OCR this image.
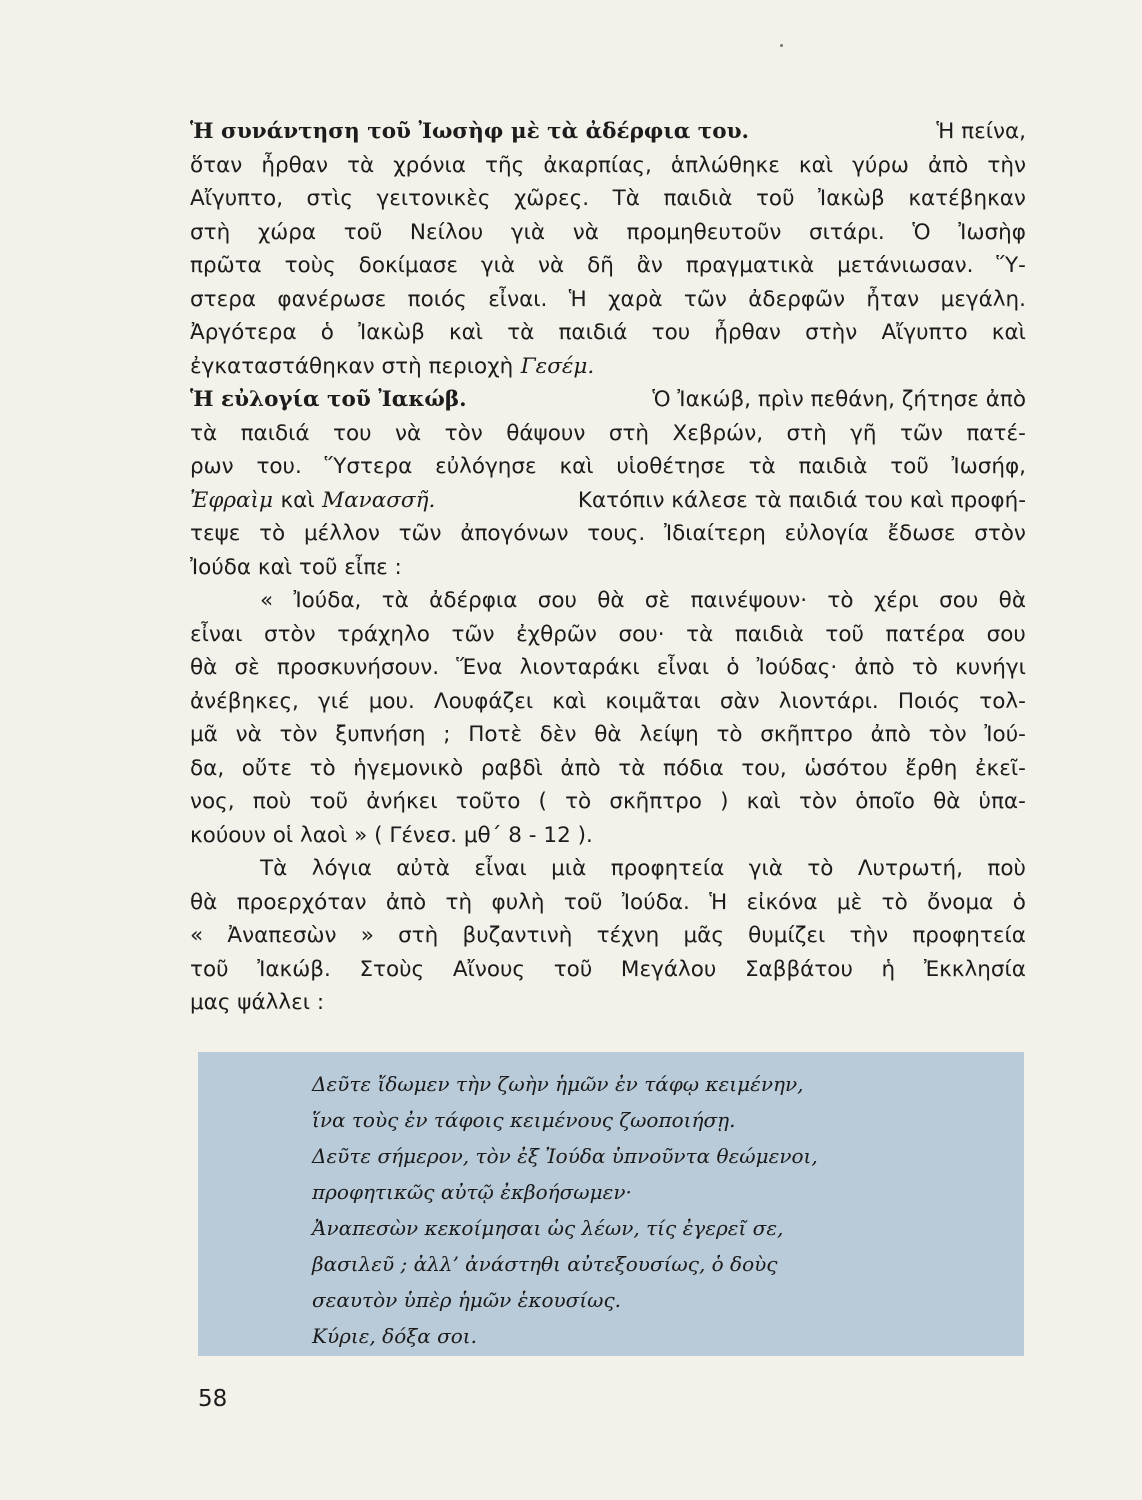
Ἡ συνάντηση τοῦ Ἰωσὴφ μὲ τὰ ἀδέρφια του.	Ἡ πείνα,
ὅταν ἦρθαν τὰ χρόνια τῆς ἀκαρπίας, ἁπλώθηκε καὶ γύρω ἀπὸ τὴν
Αἴγυπτο, στὶς γειτονικὲς χῶρες. Τὰ παιδιὰ τοῦ Ἰακὼβ κατέβηκαν
στὴ χώρα τοῦ Νείλου γιὰ νὰ προμηθευτοῦν σιτάρι. Ὁ Ἰωσὴφ
πρῶτα τοὺς δοκίμασε γιὰ νὰ δῆ ἂν πραγματικὰ μετάνιωσαν. Ὕ-
στερα φανέρωσε ποιός εἶναι. Ἡ χαρὰ τῶν ἀδερφῶν ἦταν μεγάλη.
Ἀργότερα ὁ Ἰακὼβ καὶ τὰ παιδιά του ἦρθαν στὴν Αἴγυπτο καὶ
ἐγκαταστάθηκαν στὴ περιοχὴ Γεσέμ.
Ἡ εὐλογία τοῦ Ἰακώβ.	Ὁ Ἰακώβ, πρὶν πεθάνη, ζήτησε ἀπὸ
τὰ παιδιά του νὰ τὸν θάψουν στὴ Χεβρών, στὴ γῆ τῶν πατέ-
ρων του. Ὕστερα εὐλόγησε καὶ υἱοθέτησε τὰ παιδιὰ τοῦ Ἰωσήφ,
Ἐφραὶμ καὶ Μανασσῆ.	Κατόπιν κάλεσε τὰ παιδιά του καὶ προφή-
τεψε τὸ μέλλον τῶν ἀπογόνων τους. Ἰδιαίτερη εὐλογία ἔδωσε στὸν
Ἰούδα καὶ τοῦ εἶπε :
« Ἰούδα, τὰ ἀδέρφια σου θὰ σὲ παινέψουν· τὸ χέρι σου θὰ
εἶναι στὸν τράχηλο τῶν ἐχθρῶν σου· τὰ παιδιὰ τοῦ πατέρα σου
θὰ σὲ προσκυνήσουν. Ἕνα λιονταράκι εἶναι ὁ Ἰούδας· ἀπὸ τὸ κυνήγι
ἀνέβηκες, γιέ μου. Λουφάζει καὶ κοιμᾶται σὰν λιοντάρι. Ποιός τολ-
μᾶ νὰ τὸν ξυπνήση ; Ποτὲ δὲν θὰ λείψη τὸ σκῆπτρο ἀπὸ τὸν Ἰού-
δα, οὔτε τὸ ἡγεμονικὸ ραβδὶ ἀπὸ τὰ πόδια του, ὡσότου ἔρθη ἐκεῖ-
νος, ποὺ τοῦ ἀνήκει τοῦτο ( τὸ σκῆπτρο ) καὶ τὸν ὁποῖο θὰ ὑπα-
κούουν οἱ λαοὶ » ( Γένεσ. μθ΄ 8 - 12 ).
Τὰ λόγια αὐτὰ εἶναι μιὰ προφητεία γιὰ τὸ Λυτρωτή, ποὺ
θὰ προερχόταν ἀπὸ τὴ φυλὴ τοῦ Ἰούδα. Ἡ εἰκόνα μὲ τὸ ὄνομα ὁ
« Ἀναπεσὼν » στὴ βυζαντινὴ τέχνη μᾶς θυμίζει τὴν προφητεία
τοῦ Ἰακώβ. Στοὺς Αἴνους τοῦ Μεγάλου Σαββάτου ἡ Ἐκκλησία
μας ψάλλει :
Δεῦτε ἴδωμεν τὴν ζωὴν ἡμῶν ἐν τάφῳ κειμένην,
ἵνα τοὺς ἐν τάφοις κειμένους ζωοποιήσῃ.
Δεῦτε σήμερον, τὸν ἐξ Ἰούδα ὑπνοῦντα θεώμενοι,
προφητικῶς αὐτῷ ἐκβοήσωμεν·
Ἀναπεσὼν κεκοίμησαι ὡς λέων, τίς ἐγερεῖ σε,
βασιλεῦ ; ἀλλ’ ἀνάστηθι αὐτεξουσίως, ὁ δοὺς
σεαυτὸν ὑπὲρ ἡμῶν ἑκουσίως.
Κύριε, δόξα σοι.
58
